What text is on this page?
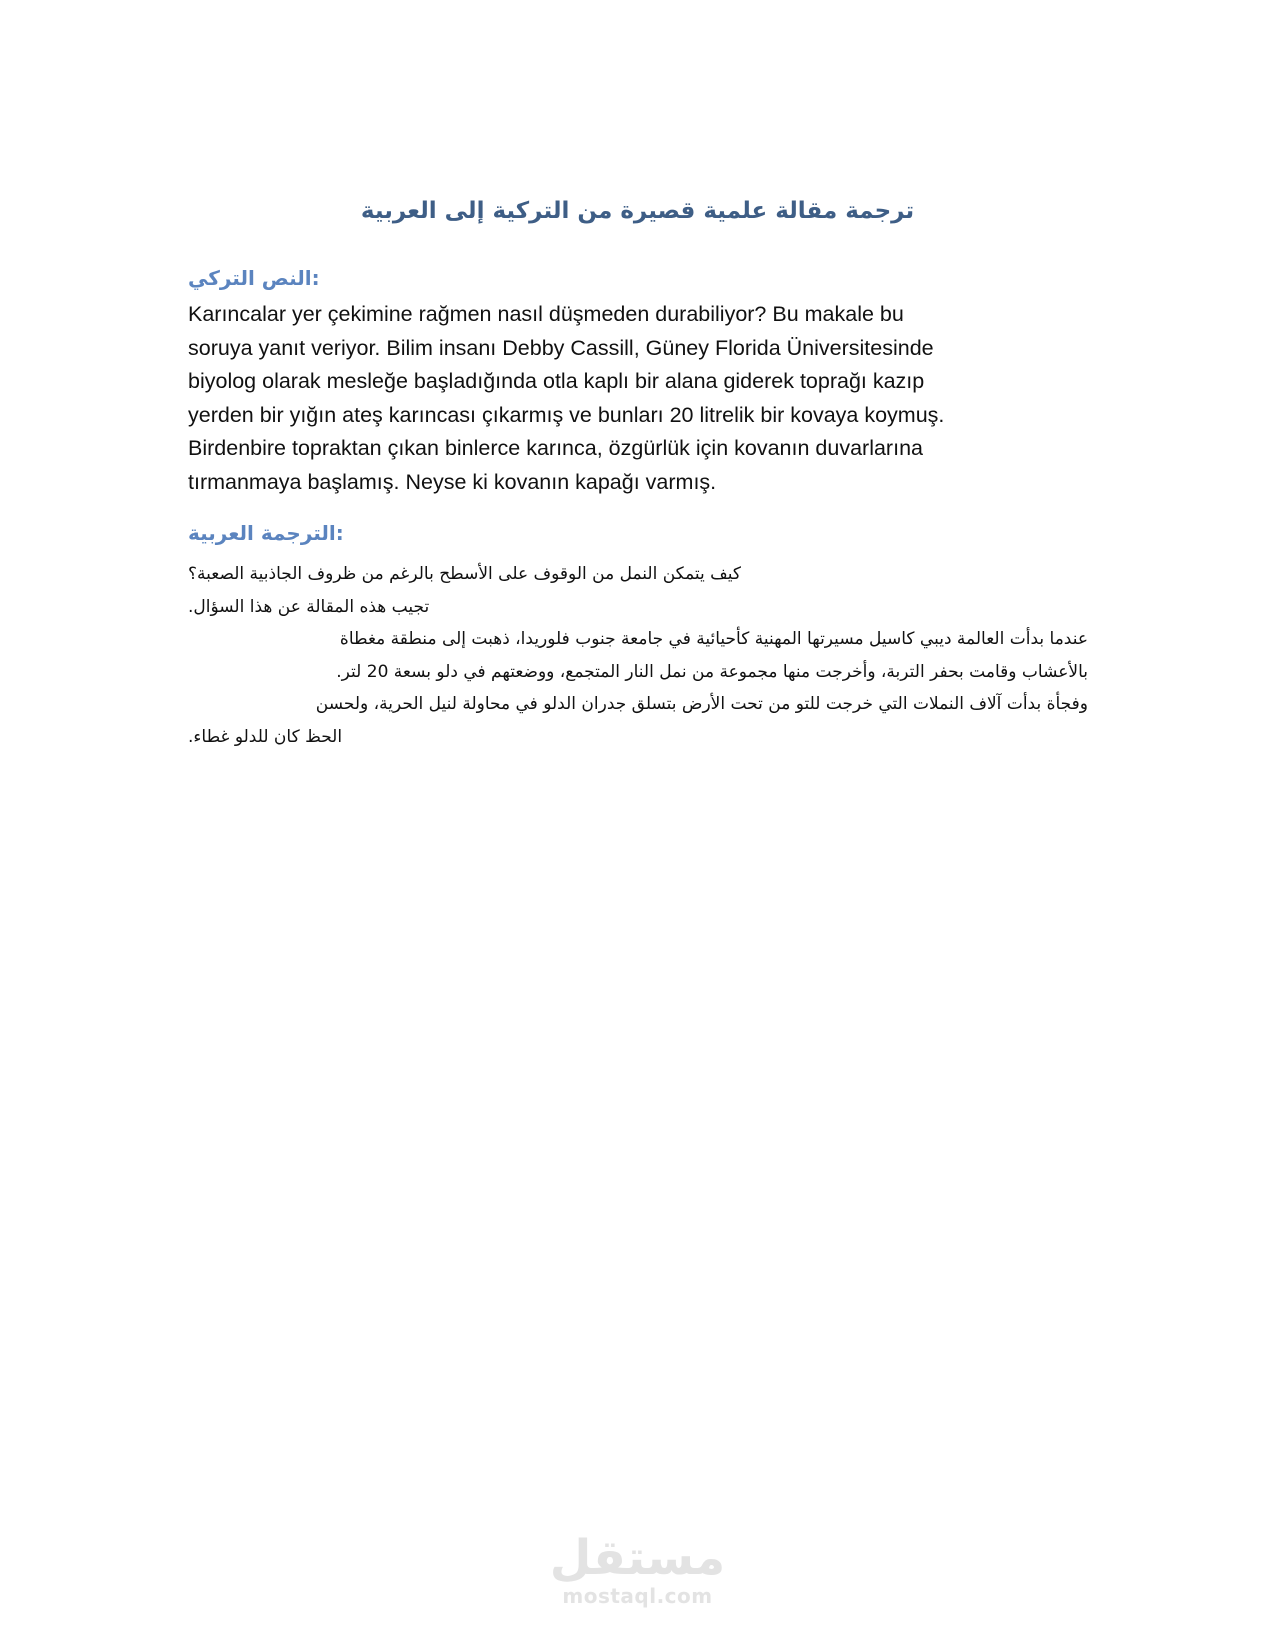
ترجمة مقالة علمية قصيرة من التركية إلى العربية
النص التركي:
Karıncalar yer çekimine rağmen nasıl düşmeden durabiliyor? Bu makale bu
soruya yanıt veriyor. Bilim insanı Debby Cassill, Güney Florida Üniversitesinde
biyolog olarak mesleğe başladığında otla kaplı bir alana giderek toprağı kazıp
yerden bir yığın ateş karıncası çıkarmış ve bunları 20 litrelik bir kovaya koymuş.
Birdenbire topraktan çıkan binlerce karınca, özgürlük için kovanın duvarlarına
tırmanmaya başlamış. Neyse ki kovanın kapağı varmış.
الترجمة العربية:
كيف يتمكن النمل من الوقوف على الأسطح بالرغم من ظروف الجاذبية الصعبة؟
تجيب هذه المقالة عن هذا السؤال.
عندما بدأت العالمة ديبي كاسيل مسيرتها المهنية كأحيائية في جامعة جنوب فلوريدا، ذهبت إلى منطقة مغطاة
بالأعشاب وقامت بحفر التربة، وأخرجت منها مجموعة من نمل النار المتجمع، ووضعتهم في دلو بسعة 20 لتر.
وفجأة بدأت آلاف النملات التي خرجت للتو من تحت الأرض بتسلق جدران الدلو في محاولة لنيل الحرية، ولحسن
الحظ كان للدلو غطاء.
مستقل
mostaql.com
